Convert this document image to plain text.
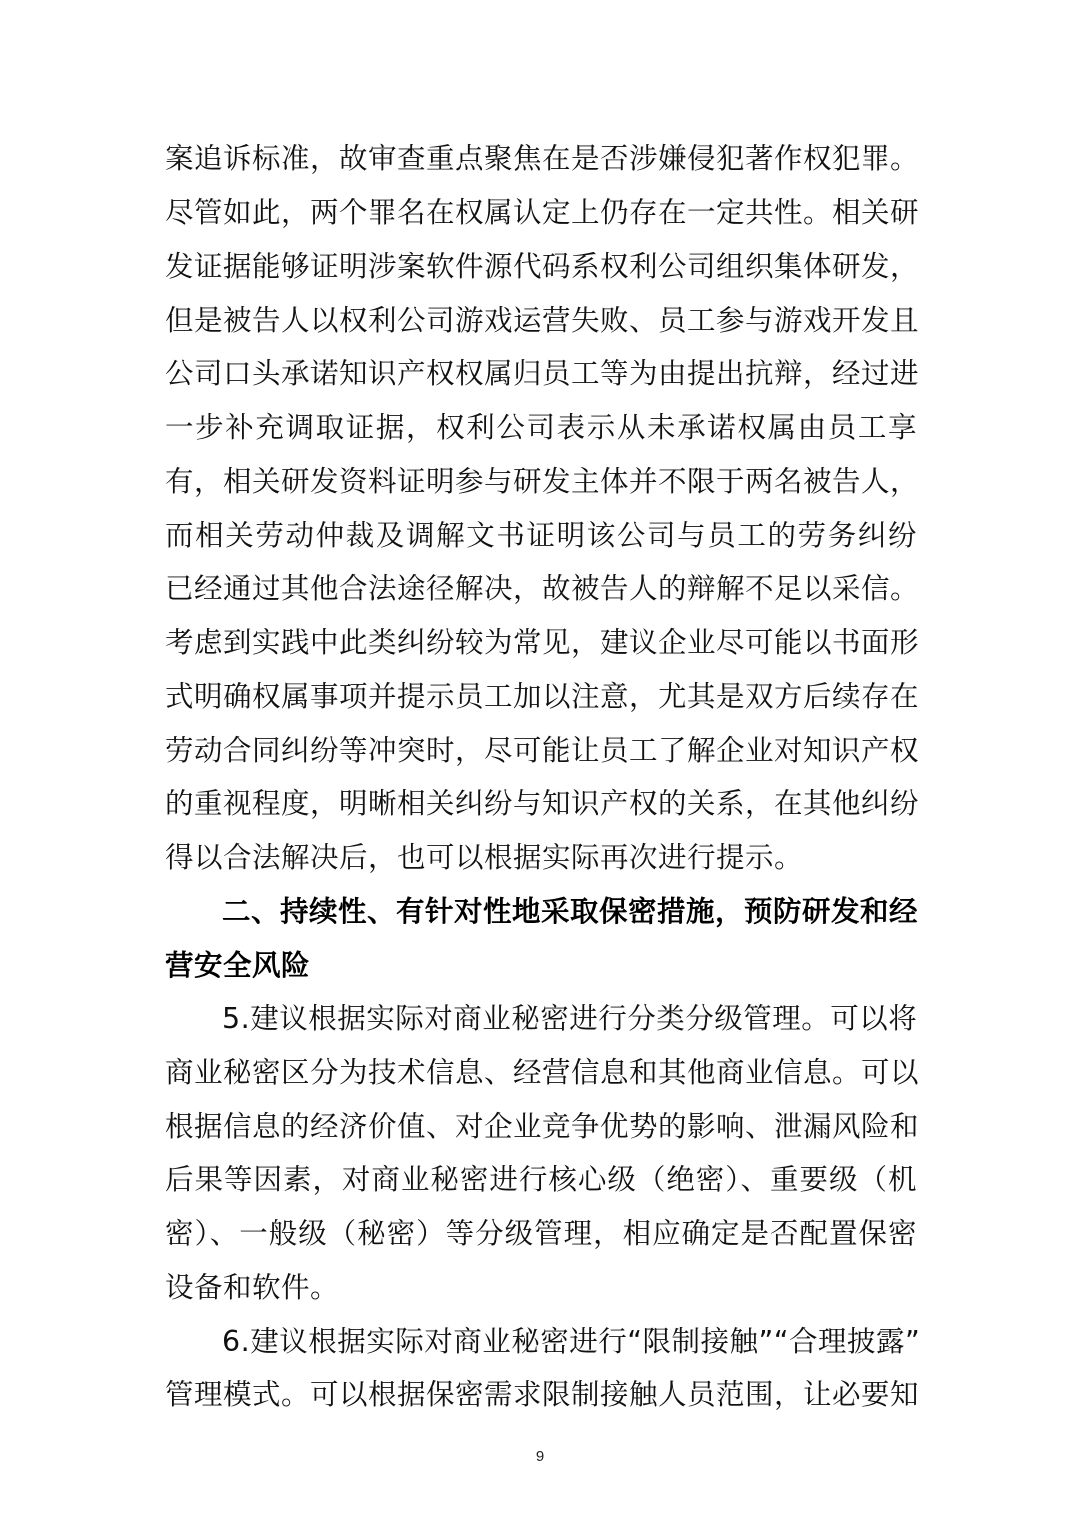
案追诉标准，故审查重点聚焦在是否涉嫌侵犯著作权犯罪。
尽管如此，两个罪名在权属认定上仍存在一定共性。相关研
发证据能够证明涉案软件源代码系权利公司组织集体研发，
但是被告人以权利公司游戏运营失败、员工参与游戏开发且
公司口头承诺知识产权权属归员工等为由提出抗辩，经过进
一步补充调取证据，权利公司表示从未承诺权属由员工享
有，相关研发资料证明参与研发主体并不限于两名被告人，
而相关劳动仲裁及调解文书证明该公司与员工的劳务纠纷
已经通过其他合法途径解决，故被告人的辩解不足以采信。
考虑到实践中此类纠纷较为常见，建议企业尽可能以书面形
式明确权属事项并提示员工加以注意，尤其是双方后续存在
劳动合同纠纷等冲突时，尽可能让员工了解企业对知识产权
的重视程度，明晰相关纠纷与知识产权的关系，在其他纠纷
得以合法解决后，也可以根据实际再次进行提示。
二、持续性、有针对性地采取保密措施，预防研发和经
营安全风险
5.建议根据实际对商业秘密进行分类分级管理。可以将
商业秘密区分为技术信息、经营信息和其他商业信息。可以
根据信息的经济价值、对企业竞争优势的影响、泄漏风险和
后果等因素，对商业秘密进行核心级（绝密）、重要级（机
密）、一般级（秘密）等分级管理，相应确定是否配置保密
设备和软件。
6.建议根据实际对商业秘密进行“限制接触”“合理披露”
管理模式。可以根据保密需求限制接触人员范围，让必要知
9
